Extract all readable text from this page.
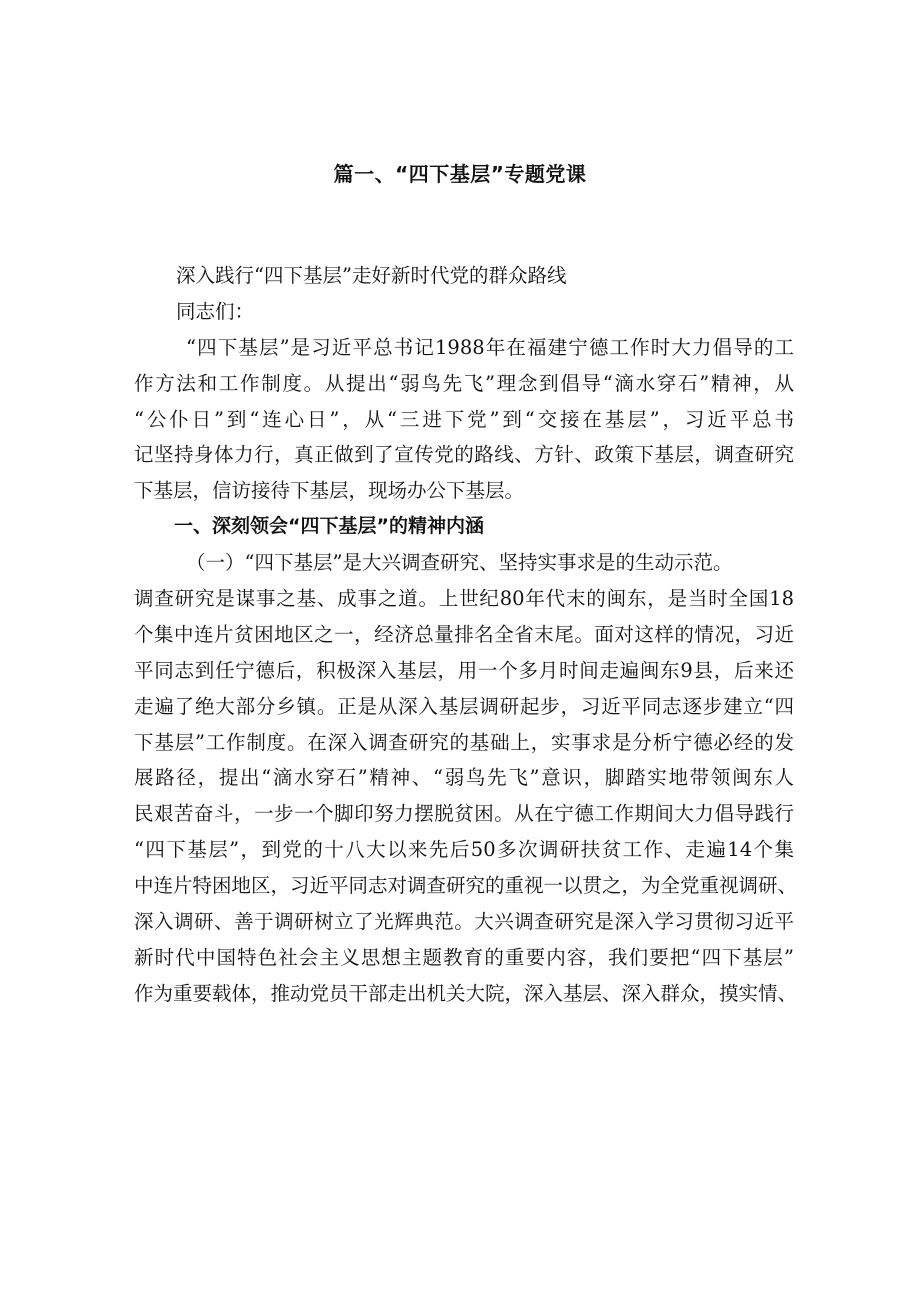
篇一、“四下基层”专题党课
深入践行“四下基层”走好新时代党的群众路线
同志们：
“四下基层”是习近平总书记1988年在福建宁德工作时大力倡导的工
作方法和工作制度。从提出“弱鸟先飞”理念到倡导“滴水穿石”精神，从
“公仆日”到“连心日”，从“三进下党”到“交接在基层”，习近平总书
记坚持身体力行，真正做到了宣传党的路线、方针、政策下基层，调查研究
下基层，信访接待下基层，现场办公下基层。
一、深刻领会“四下基层”的精神内涵
（一）“四下基层”是大兴调查研究、坚持实事求是的生动示范。
调查研究是谋事之基、成事之道。上世纪80年代末的闽东，是当时全国18
个集中连片贫困地区之一，经济总量排名全省末尾。面对这样的情况，习近
平同志到任宁德后，积极深入基层，用一个多月时间走遍闽东9县，后来还
走遍了绝大部分乡镇。正是从深入基层调研起步，习近平同志逐步建立“四
下基层”工作制度。在深入调查研究的基础上，实事求是分析宁德必经的发
展路径，提出“滴水穿石”精神、“弱鸟先飞”意识，脚踏实地带领闽东人
民艰苦奋斗，一步一个脚印努力摆脱贫困。从在宁德工作期间大力倡导践行
“四下基层”，到党的十八大以来先后50多次调研扶贫工作、走遍14个集
中连片特困地区，习近平同志对调查研究的重视一以贯之，为全党重视调研、
深入调研、善于调研树立了光辉典范。大兴调查研究是深入学习贯彻习近平
新时代中国特色社会主义思想主题教育的重要内容，我们要把“四下基层”
作为重要载体，推动党员干部走出机关大院，深入基层、深入群众，摸实情、
